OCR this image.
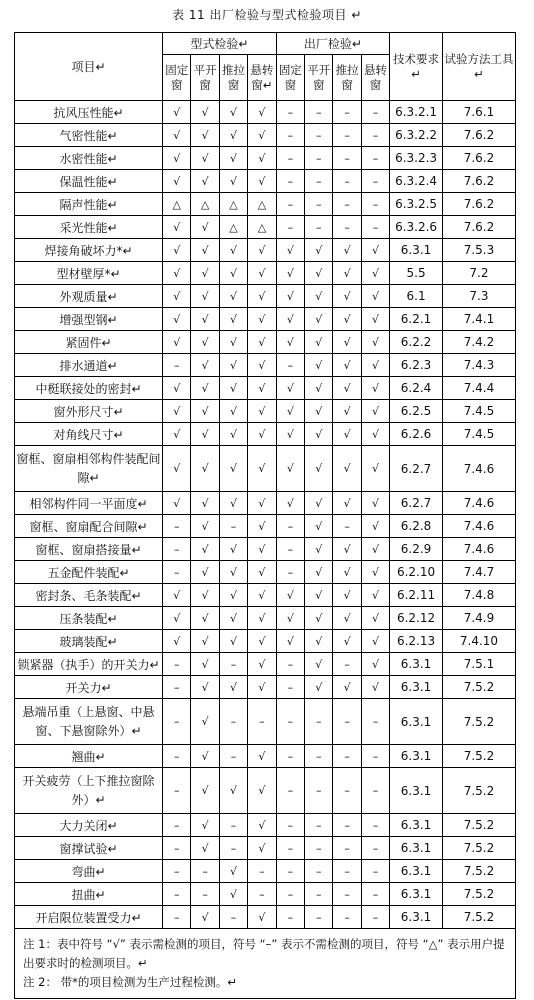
表 11 出厂检验与型式检验项目 ↵
项目↵	型式检验↵				出厂检验↵				技术要求↵	试验方法工具↵
	固定窗	平开窗	推拉窗	悬转窗↵	固定窗	平开窗	推拉窗	悬转窗		
抗风压性能↵	√	√	√	√	–	–	–	–	6.3.2.1	7.6.1
气密性能↵	√	√	√	√	–	–	–	–	6.3.2.2	7.6.2
水密性能↵	√	√	√	√	–	–	–	–	6.3.2.3	7.6.2
保温性能↵	√	√	√	√	–	–	–	–	6.3.2.4	7.6.2
隔声性能↵	△	△	△	△	–	–	–	–	6.3.2.5	7.6.2
采光性能↵	√	√	△	△	–	–	–	–	6.3.2.6	7.6.2
焊接角破坏力*↵	√	√	√	√	√	√	√	√	6.3.1	7.5.3
型材壁厚*↵	√	√	√	√	√	√	√	√	5.5	7.2
外观质量↵	√	√	√	√	√	√	√	√	6.1	7.3
增强型钢↵	√	√	√	√	√	√	√	√	6.2.1	7.4.1
紧固件↵	√	√	√	√	√	√	√	√	6.2.2	7.4.2
排水通道↵	–	√	√	√	–	√	√	√	6.2.3	7.4.3
中梃联接处的密封↵	√	√	√	√	√	√	√	√	6.2.4	7.4.4
窗外形尺寸↵	√	√	√	√	√	√	√	√	6.2.5	7.4.5
对角线尺寸↵	√	√	√	√	√	√	√	√	6.2.6	7.4.5
窗框、窗扇相邻构件装配间隙↵	√	√	√	√	√	√	√	√	6.2.7	7.4.6
相邻构件同一平面度↵	√	√	√	√	√	√	√	√	6.2.7	7.4.6
窗框、窗扇配合间隙↵	–	√	–	√	–	√	–	√	6.2.8	7.4.6
窗框、窗扇搭接量↵	–	√	√	√	–	√	√	√	6.2.9	7.4.6
五金配件装配↵	–	√	√	√	–	√	√	√	6.2.10	7.4.7
密封条、毛条装配↵	√	√	√	√	√	√	√	√	6.2.11	7.4.8
压条装配↵	√	√	√	√	√	√	√	√	6.2.12	7.4.9
玻璃装配↵	√	√	√	√	√	√	√	√	6.2.13	7.4.10
锁紧器（执手）的开关力↵	–	√	–	√	–	√	–	√	6.3.1	7.5.1
开关力↵	–	√	√	√	–	√	√	√	6.3.1	7.5.2
悬端吊重（上悬窗、中悬窗、下悬窗除外）↵	–	√	–	–	–	–	–	–	6.3.1	7.5.2
翘曲↵	–	√	–	√	–	–	–	–	6.3.1	7.5.2
开关疲劳（上下推拉窗除外）↵	–	√	√	√	–	–	–	–	6.3.1	7.5.2
大力关闭↵	–	√	–	√	–	–	–	–	6.3.1	7.5.2
窗撑试验↵	–	√	–	√	–	–	–	–	6.3.1	7.5.2
弯曲↵	–	–	√	–	–	–	–	–	6.3.1	7.5.2
扭曲↵	–	–	√	–	–	–	–	–	6.3.1	7.5.2
开启限位装置受力↵	–	√	–	√	–	–	–	–	6.3.1	7.5.2

注 1：表中符号 “√” 表示需检测的项目，符号 “–” 表示不需检测的项目，符号 “△” 表示用户提出要求时的检测项目。↵
注 2： 带*的项目检测为生产过程检测。↵										
